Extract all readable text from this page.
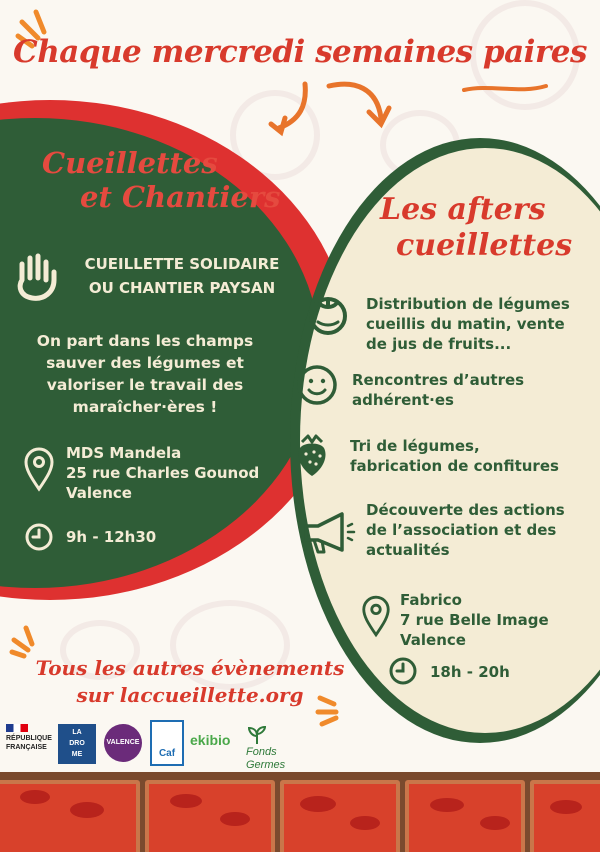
Chaque mercredi semaines paires
Cueillettes
et Chantiers
CUEILLETTE SOLIDAIRE
OU CHANTIER PAYSAN
On part dans les champs
sauver des légumes et
valoriser le travail des
maraîcher·ères !
MDS Mandela
25 rue Charles Gounod
Valence
9h - 12h30
Les afters
cueillettes
Distribution de légumes
cueillis du matin, vente
de jus de fruits...
Rencontres d’autres
adhérent·es
Tri de légumes,
fabrication de confitures
Découverte des actions
de l’association et des
actualités
Fabrico
7 rue Belle Image
Valence
18h - 20h
Tous les autres évènements
sur laccueillette.org
RÉPUBLIQUE
FRANÇAISE
LA
DRO
ME
VALENCE
Caf
ekibio
Fonds
Germes
